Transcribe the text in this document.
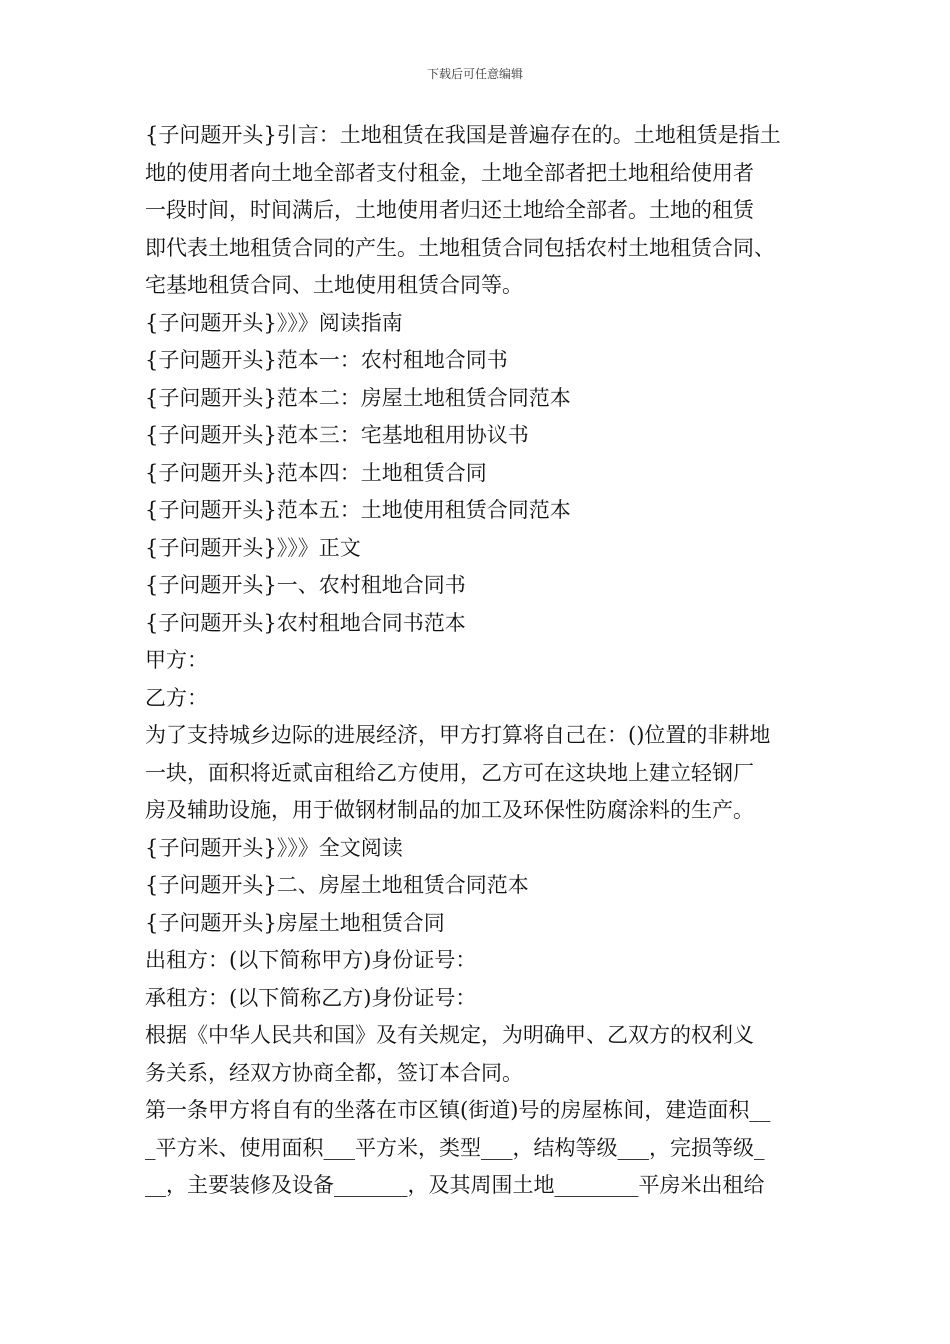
下载后可任意编辑
{子问题开头}引言：土地租赁在我国是普遍存在的。土地租赁是指土
地的使用者向土地全部者支付租金，土地全部者把土地租给使用者
一段时间，时间满后，土地使用者归还土地给全部者。土地的租赁
即代表土地租赁合同的产生。土地租赁合同包括农村土地租赁合同、
宅基地租赁合同、土地使用租赁合同等。
{子问题开头}》》》阅读指南
{子问题开头}范本一：农村租地合同书
{子问题开头}范本二：房屋土地租赁合同范本
{子问题开头}范本三：宅基地租用协议书
{子问题开头}范本四：土地租赁合同
{子问题开头}范本五：土地使用租赁合同范本
{子问题开头}》》》正文
{子问题开头}一、农村租地合同书
{子问题开头}农村租地合同书范本
甲方：
乙方：
为了支持城乡边际的进展经济，甲方打算将自己在：()位置的非耕地
一块，面积将近贰亩租给乙方使用，乙方可在这块地上建立轻钢厂
房及辅助设施，用于做钢材制品的加工及环保性防腐涂料的生产。
{子问题开头}》》》全文阅读
{子问题开头}二、房屋土地租赁合同范本
{子问题开头}房屋土地租赁合同
出租方：(以下简称甲方)身份证号：
承租方：(以下简称乙方)身份证号：
根据《中华人民共和国》及有关规定，为明确甲、乙双方的权利义
务关系，经双方协商全都，签订本合同。
第一条甲方将自有的坐落在市区镇(街道)号的房屋栋间，建造面积__
_平方米、使用面积___平方米，类型___，结构等级___，完损等级_
__，主要装修及设备_______，及其周围土地________平房米出租给
